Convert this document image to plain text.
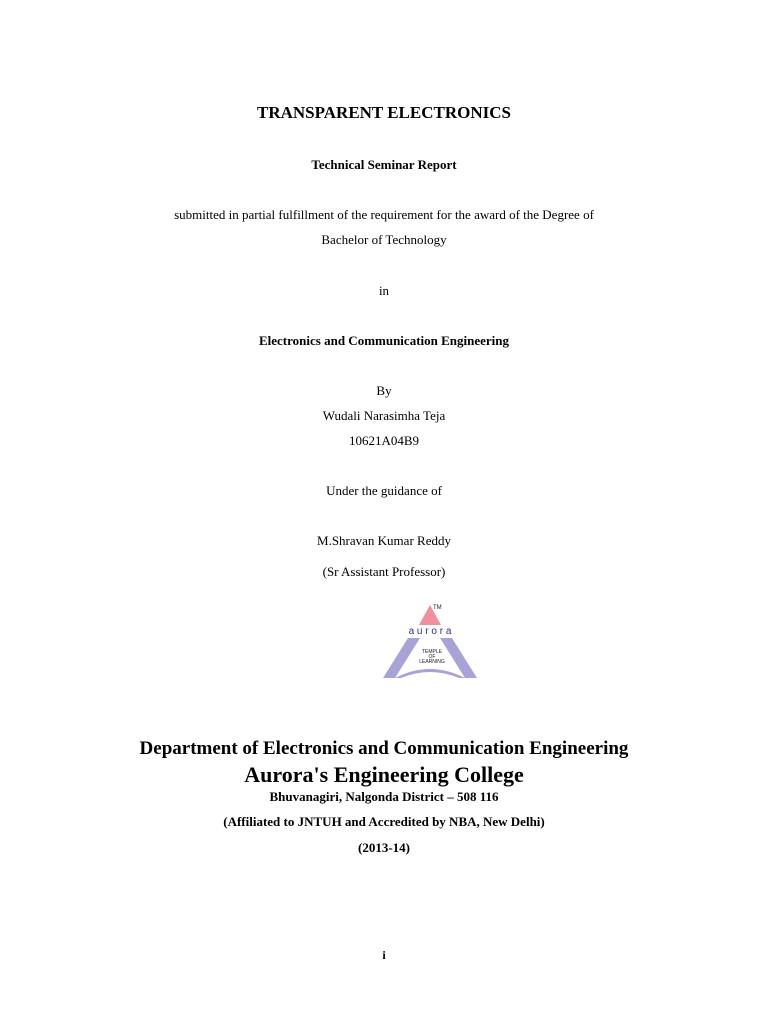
TRANSPARENT ELECTRONICS
Technical Seminar Report
submitted in partial fulfillment of the requirement for the award of the Degree of
Bachelor of Technology
in
Electronics and Communication Engineering
By
Wudali Narasimha Teja
10621A04B9
Under the guidance of
M.Shravan Kumar Reddy
(Sr Assistant Professor)
TM
a u r o r a
TEMPLE
OF
LEARNING
Department of Electronics and Communication Engineering
Aurora's Engineering College
Bhuvanagiri, Nalgonda District – 508 116
(Affiliated to JNTUH and Accredited by NBA, New Delhi)
(2013-14)
i
